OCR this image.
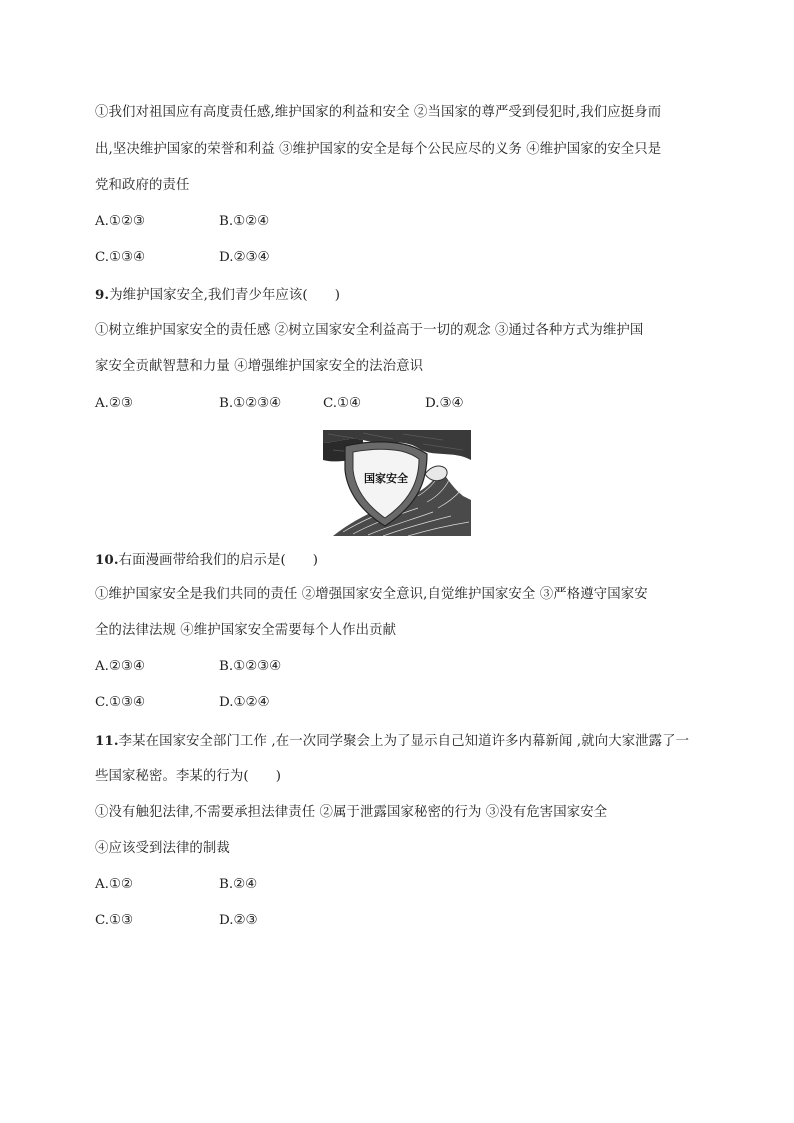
①我们对祖国应有高度责任感,维护国家的利益和安全 ②当国家的尊严受到侵犯时,我们应挺身而
出,坚决维护国家的荣誉和利益 ③维护国家的安全是每个公民应尽的义务 ④维护国家的安全只是
党和政府的责任
A.①②③	B.①②④
C.①③④	D.②③④
9.为维护国家安全,我们青少年应该(　　)
①树立维护国家安全的责任感 ②树立国家安全利益高于一切的观念 ③通过各种方式为维护国
家安全贡献智慧和力量 ④增强维护国家安全的法治意识
A.②③	B.①②③④	C.①④	D.③④
国家安全
10.右面漫画带给我们的启示是(　　)
①维护国家安全是我们共同的责任 ②增强国家安全意识,自觉维护国家安全 ③严格遵守国家安
全的法律法规 ④维护国家安全需要每个人作出贡献
A.②③④	B.①②③④
C.①③④	D.①②④
11.李某在国家安全部门工作 ,在一次同学聚会上为了显示自己知道许多内幕新闻 ,就向大家泄露了一
些国家秘密。李某的行为(　　)
①没有触犯法律,不需要承担法律责任 ②属于泄露国家秘密的行为 ③没有危害国家安全
④应该受到法律的制裁
A.①②	B.②④
C.①③	D.②③
